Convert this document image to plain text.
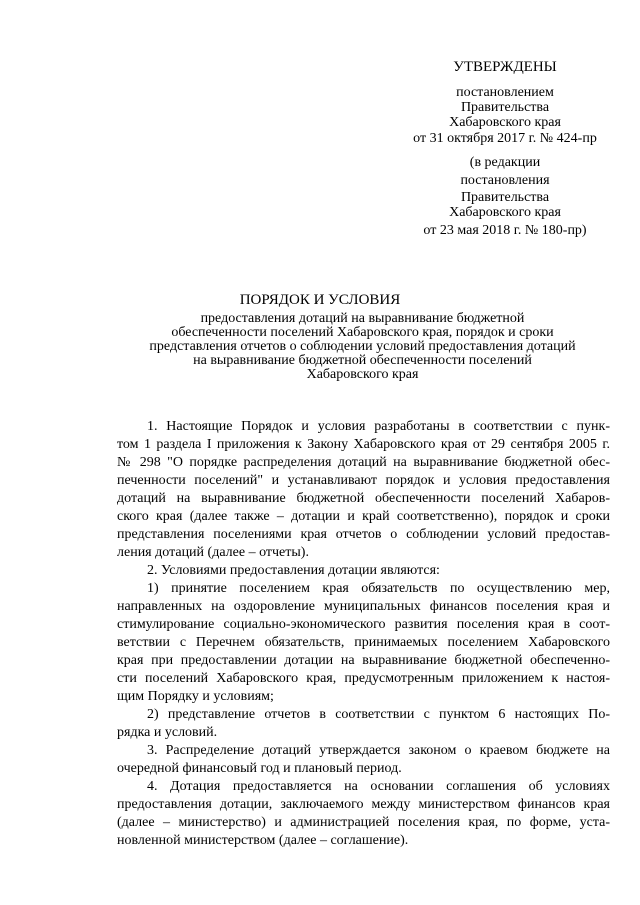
УТВЕРЖДЕНЫ
постановлением
Правительства
Хабаровского края
от 31 октября 2017 г. № 424-пр
(в редакции
постановления
Правительства
Хабаровского края
от 23 мая 2018 г. № 180-пр)
ПОРЯДОК И УСЛОВИЯ
предоставления дотаций на выравнивание бюджетной
обеспеченности поселений Хабаровского края, порядок и сроки
представления отчетов о соблюдении условий предоставления дотаций
на выравнивание бюджетной обеспеченности поселений
Хабаровского края
1. Настоящие Порядок и условия разработаны в соответствии с пунк-
том 1 раздела I приложения к Закону Хабаровского края от 29 сентября 2005 г.
№ 298 "О порядке распределения дотаций на выравнивание бюджетной обес-
печенности поселений" и устанавливают порядок и условия предоставления
дотаций на выравнивание бюджетной обеспеченности поселений Хабаров-
ского края (далее также – дотации и край соответственно), порядок и сроки
представления поселениями края отчетов о соблюдении условий предостав-
ления дотаций (далее – отчеты).
2. Условиями предоставления дотации являются:
1) принятие поселением края обязательств по осуществлению мер,
направленных на оздоровление муниципальных финансов поселения края и
стимулирование социально-экономического развития поселения края в соот-
ветствии с Перечнем обязательств, принимаемых поселением Хабаровского
края при предоставлении дотации на выравнивание бюджетной обеспеченно-
сти поселений Хабаровского края, предусмотренным приложением к настоя-
щим Порядку и условиям;
2) представление отчетов в соответствии с пунктом 6 настоящих По-
рядка и условий.
3. Распределение дотаций утверждается законом о краевом бюджете на
очередной финансовый год и плановый период.
4. Дотация предоставляется на основании соглашения об условиях
предоставления дотации, заключаемого между министерством финансов края
(далее – министерство) и администрацией поселения края, по форме, уста-
новленной министерством (далее – соглашение).
